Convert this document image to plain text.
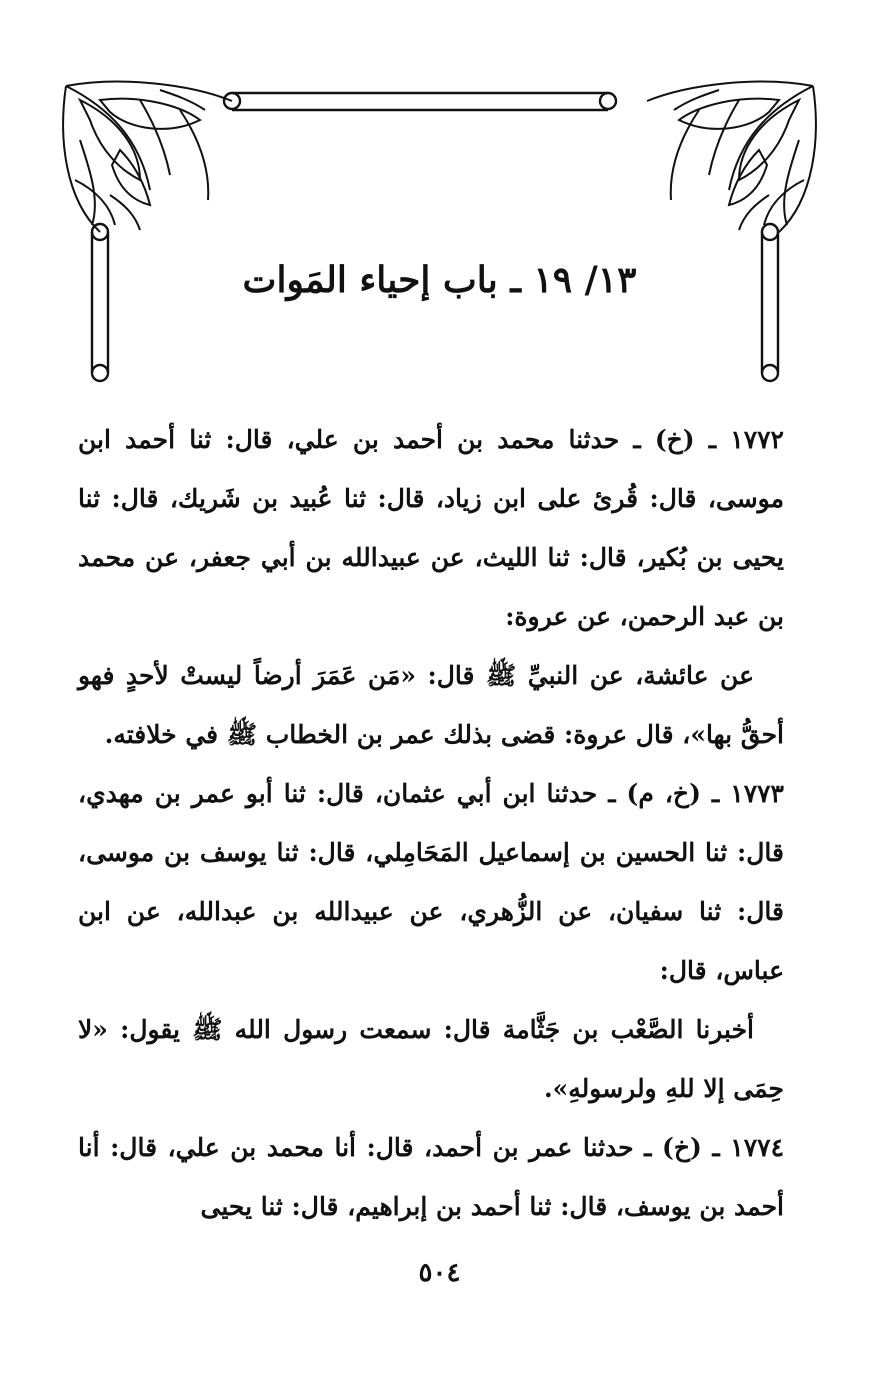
١٣/ ١٩ ـ باب إحياء المَوات

١٧٧٢ ـ (خ) ـ حدثنا محمد بن أحمد بن علي، قال: ثنا أحمد ابن موسى، قال: قُرئ على ابن زياد، قال: ثنا عُبيد بن شَريك، قال: ثنا يحيى بن بُكير، قال: ثنا الليث، عن عبيدالله بن أبي جعفر، عن محمد بن عبد الرحمن، عن عروة:

عن عائشة، عن النبيِّ ﷺ قال: «مَن عَمَرَ أرضاً ليستْ لأحدٍ فهو أحقُّ بها»، قال عروة: قضى بذلك عمر بن الخطاب ﷺ في خلافته.

١٧٧٣ ـ (خ، م) ـ حدثنا ابن أبي عثمان، قال: ثنا أبو عمر بن مهدي، قال: ثنا الحسين بن إسماعيل المَحَامِلي، قال: ثنا يوسف بن موسى، قال: ثنا سفيان، عن الزُّهري، عن عبيدالله بن عبدالله، عن ابن عباس، قال:

أخبرنا الصَّعْب بن جَثَّامة قال: سمعت رسول الله ﷺ يقول: «لا حِمَى إلا للهِ ولرسولهِ».

١٧٧٤ ـ (خ) ـ حدثنا عمر بن أحمد، قال: أنا محمد بن علي، قال: أنا أحمد بن يوسف، قال: ثنا أحمد بن إبراهيم، قال: ثنا يحيى

٥٠٤
